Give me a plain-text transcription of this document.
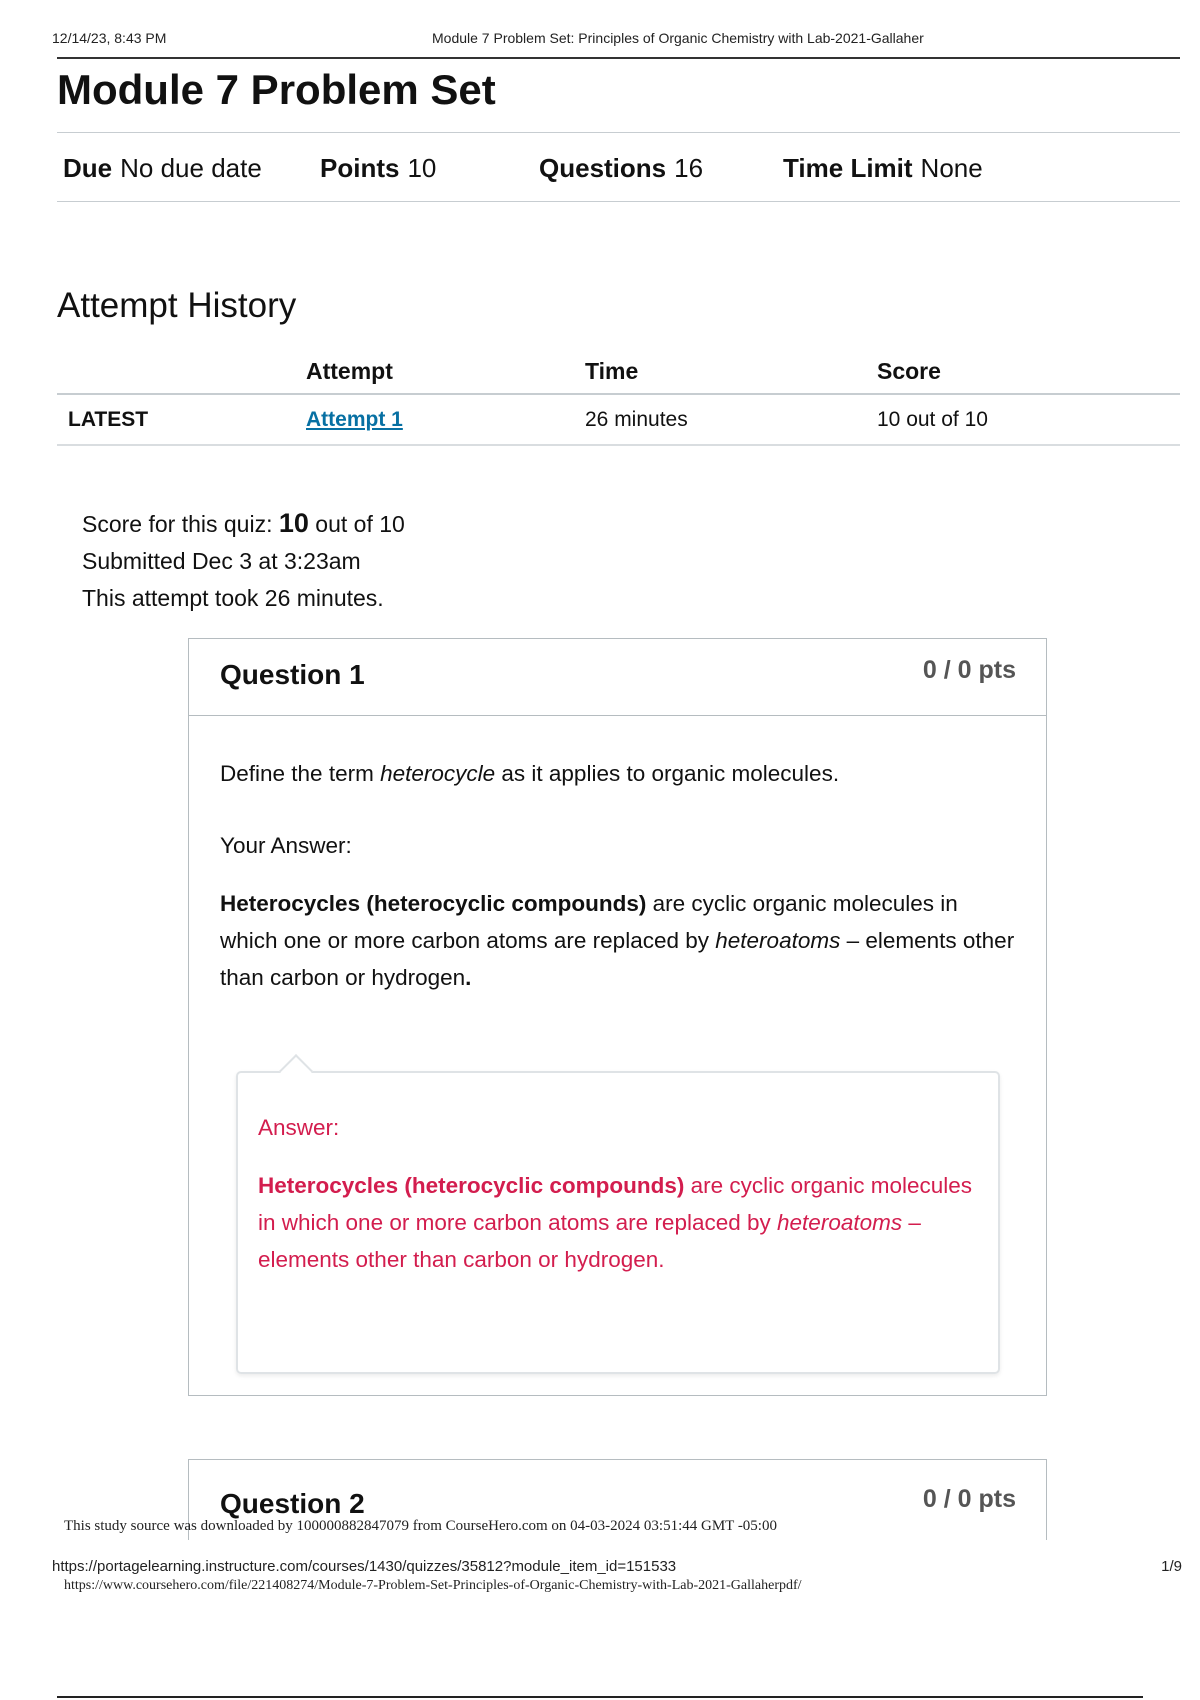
12/14/23, 8:43 PM	Module 7 Problem Set: Principles of Organic Chemistry with Lab-2021-Gallaher
Module 7 Problem Set
Due No due date Points 10	Questions 16	Time Limit None
Attempt History
	Attempt	Time	Score
LATEST	Attempt 1	26 minutes	10 out of 10
Score for this quiz: 10 out of 10
Submitted Dec 3 at 3:23am
This attempt took 26 minutes.
Question 1	0 / 0 pts

Define the term heterocycle as it applies to organic molecules.

Your Answer:

Heterocycles (heterocyclic compounds) are cyclic organic molecules in which one or more carbon atoms are replaced by heteroatoms – elements other than carbon or hydrogen.

Answer:
Heterocycles (heterocyclic compounds) are cyclic organic molecules in which one or more carbon atoms are replaced by heteroatoms – elements other than carbon or hydrogen.
Question 2	0 / 0 pts
This study source was downloaded by 100000882847079 from CourseHero.com on 04-03-2024 03:51:44 GMT -05:00
https://portagelearning.instructure.com/courses/1430/quizzes/35812?module_item_id=151533	1/9
https://www.coursehero.com/file/221408274/Module-7-Problem-Set-Principles-of-Organic-Chemistry-with-Lab-2021-Gallaherpdf/
